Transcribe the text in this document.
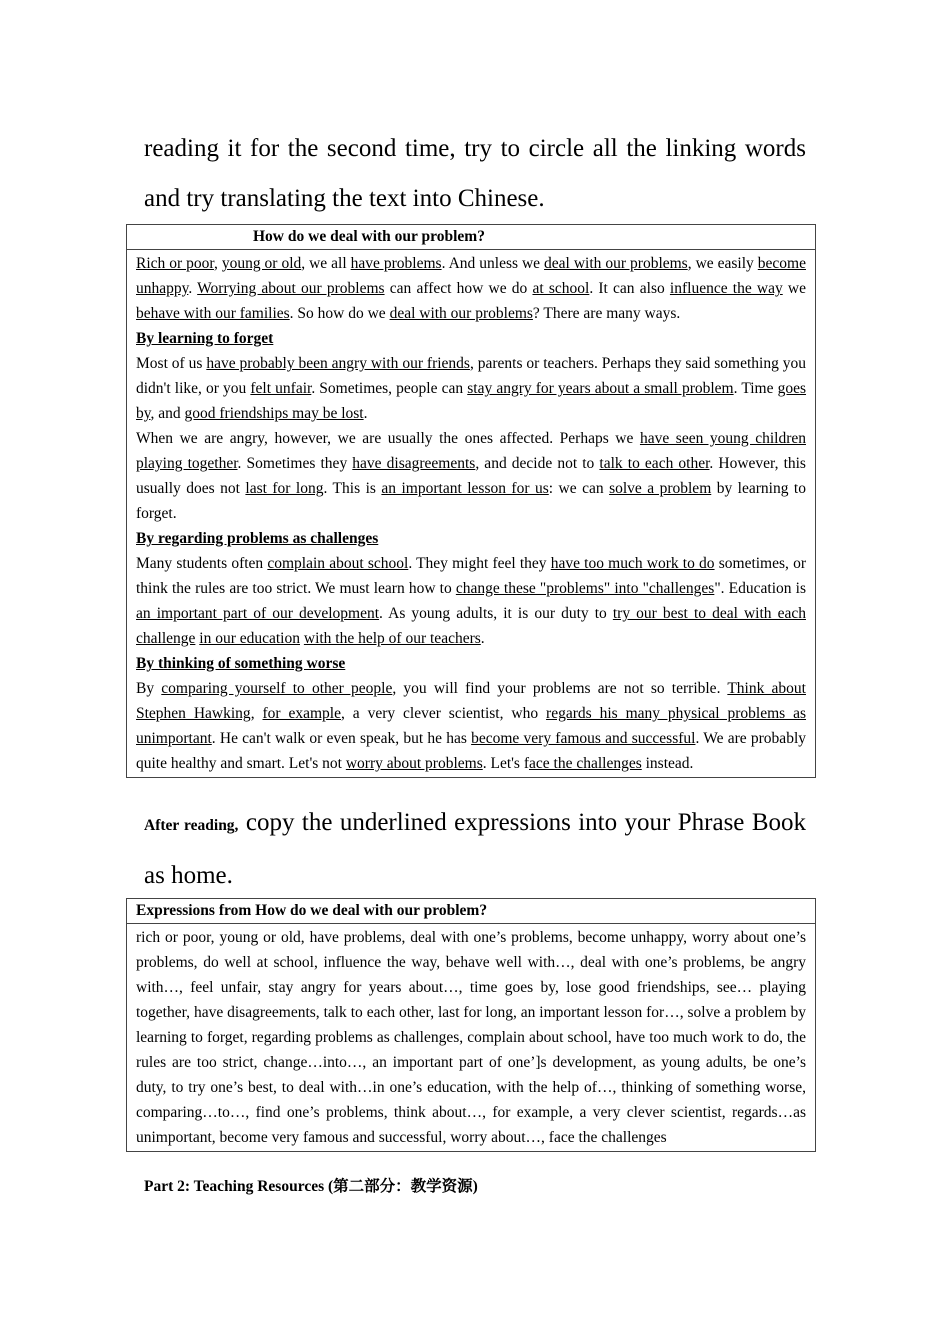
reading it for the second time, try to circle all the linking words and try translating the text into Chinese.

How do we deal with our problem?

Rich or poor, young or old, we all have problems. And unless we deal with our problems, we easily become unhappy. Worrying about our problems can affect how we do at school. It can also influence the way we behave with our families. So how do we deal with our problems? There are many ways.

By learning to forget

Most of us have probably been angry with our friends, parents or teachers. Perhaps they said something you didn't like, or you felt unfair. Sometimes, people can stay angry for years about a small problem. Time goes by, and good friendships may be lost.

When we are angry, however, we are usually the ones affected. Perhaps we have seen young children playing together. Sometimes they have disagreements, and decide not to talk to each other. However, this usually does not last for long. This is an important lesson for us: we can solve a problem by learning to forget.

By regarding problems as challenges

Many students often complain about school. They might feel they have too much work to do sometimes, or think the rules are too strict. We must learn how to change these "problems" into "challenges". Education is an important part of our development. As young adults, it is our duty to try our best to deal with each challenge in our education with the help of our teachers.

By thinking of something worse

By comparing yourself to other people, you will find your problems are not so terrible. Think about Stephen Hawking, for example, a very clever scientist, who regards his many physical problems as unimportant. He can't walk or even speak, but he has become very famous and successful. We are probably quite healthy and smart. Let's not worry about problems. Let's face the challenges instead.

After reading, copy the underlined expressions into your Phrase Book as home.

Expressions from How do we deal with our problem?
rich or poor, young or old, have problems, deal with one’s problems, become unhappy, worry about one’s problems, do well at school, influence the way, behave well with…, deal with one’s problems, be angry with…, feel unfair, stay angry for years about…, time goes by, lose good friendships, see… playing together, have disagreements, talk to each other, last for long, an important lesson for…, solve a problem by learning to forget, regarding problems as challenges, complain about school, have too much work to do, the rules are too strict, change…into…, an important part of one’]s development, as young adults, be one’s duty, to try one’s best, to deal with…in one’s education, with the help of…, thinking of something worse, comparing…to…, find one’s problems, think about…, for example, a very clever scientist, regards…as unimportant, become very famous and successful, worry about…, face the challenges

Part 2: Teaching Resources (第二部分：教学资源)
